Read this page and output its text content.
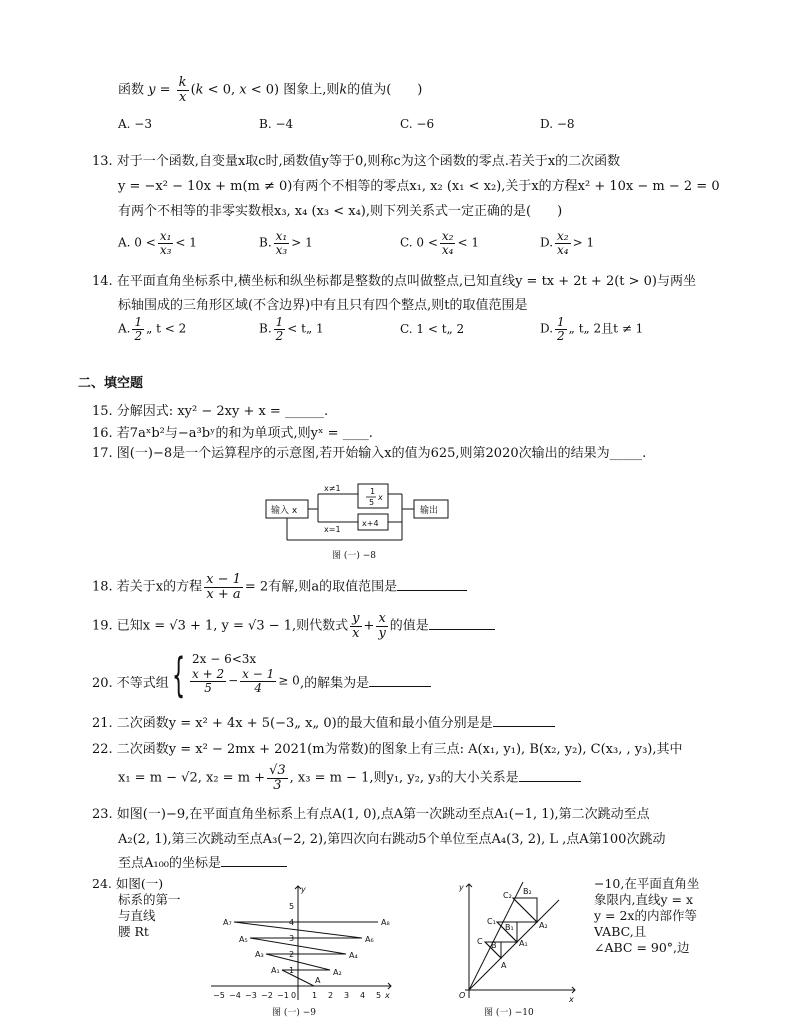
函数 $y = \frac{k}{x} (k < 0$, x < 0) 图象上,则k的值为(　　)
A. −3	B. −4	C. −6	D. −8
13. 对于一个函数,自变量x取c时,函数值y等于0,则称c为这个函数的零点.若关于x的二次函数
y = −x² − 10x + m(m ≠ 0)有两个不相等的零点x₁, x₂ (x₁ < x₂),关于x的方程x² + 10x − m − 2 = 0
有两个不相等的非零实数根x₃, x₄ (x₃ < x₄),则下列关系式一定正确的是(　　)
A. $0 < \frac{\text{x₁}}{\text{x₃}} < 1$	B. $\frac{\text{x₁}}{\text{x₃}} > 1$	C. $0 < \frac{\text{x₂}}{\text{x₄}} < 1$	D. $\frac{\text{x₂}}{\text{x₄}} > 1$
14. 在平面直角坐标系中,横坐标和纵坐标都是整数的点叫做整点,已知直线y = tx + 2t + 2(t > 0)与两坐
标轴围成的三角形区域(不含边界)中有且只有四个整点,则t的取值范围是
A. $\frac{1}{2}$ „ t < 2	B. $\frac{1}{2}$ < t„ 1	C. 1 < t„ 2	D. $\frac{1}{2}$ „ t„ 2且t ≠ 1
二、填空题
15. 分解因式: xy² − 2xy + x = ______.
16. 若7aˣb²与−a³bʸ的和为单项式,则yˣ = ____.
17. 图(一)−8是一个运算程序的示意图,若开始输入x的值为625,则第2020次输出的结果为_____.
输入 x	输出
x≠1
x=1
1
5
x
x+4
图 (一) −8
18. 若关于x的方程 $\frac{x - 1}{x + a} = 2$有解,则a的取值范围是
19. 已知x = √3 + 1, y = √3 − 1,则代数式 $\frac{y}{x} + \frac{x}{y}$ 的值是
20. 不等式组 { 2x − 6<3x
$\frac{x + 2}{5} - \frac{x - 1}{4} \ge 0$ ,的解集为是
21. 二次函数y = x² + 4x + 5(−3„ x„ 0)的最大值和最小值分别是是
22. 二次函数y = x² − 2mx + 2021(m为常数)的图象上有三点: A(x₁, y₁), B(x₂, y₂), C(x₃, , y₃),其中
x₁ = m − √2, $x_2 = m + \frac{√3}{3}$ , x₃ = m − 1,则y₁, y₂, y₃的大小关系是
23. 如图(一)−9,在平面直角坐标系上有点A(1, 0),点A第一次跳动至点A₁(−1, 1),第二次跳动至点
A₂(2, 1),第三次跳动至点A₃(−2, 2),第四次向右跳动5个单位至点A₄(3, 2), L ,点A第100次跳动
至点A₁₀₀的坐标是
24. 如图(一)
标系的第一
与直线
腰 Rt
−10,在平面直角坐
象限内,直线y = x
y = 2x的内部作等
VABC,且
∠ABC = 90°,边
−5 −4 −3 −2 −1 0 1 2 3 4 5
1
2
3
4
5
x
y
A
A₁	A₂
A₃	A₄
A₅	A₆
A₇	A₈
图 (一) −9
A
B
C	A₁
B₁
C₁	A₂
B₂
C₂
O	x
y
图 (一) −10
